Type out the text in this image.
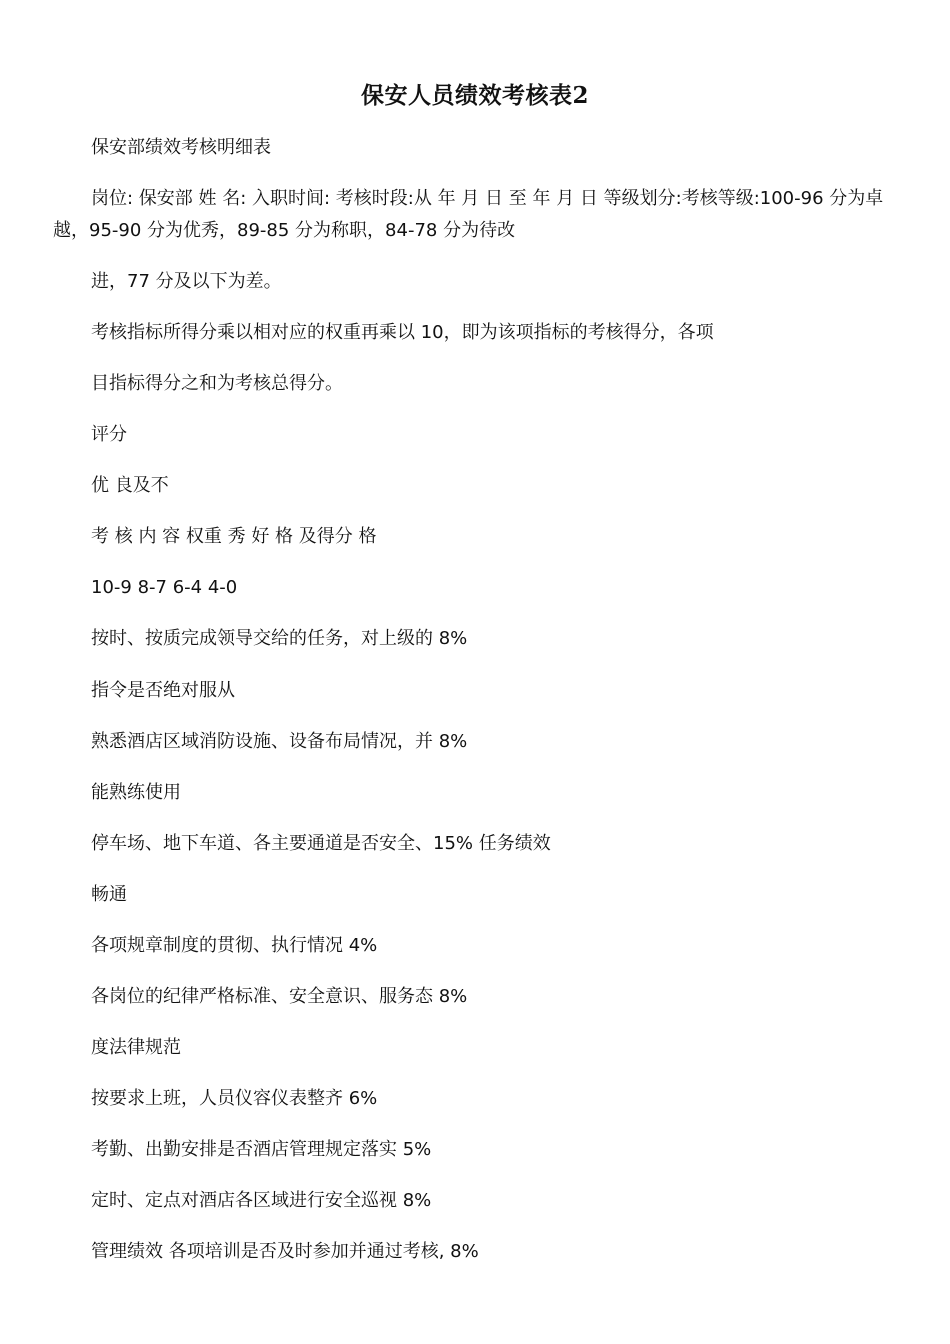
保安人员绩效考核表2
保安部绩效考核明细表
岗位: 保安部 姓 名: 入职时间: 考核时段:从 年 月 日 至 年 月 日 等级划分:考核等级:100-96 分为卓越，95-90 分为优秀，89-85 分为称职，84-78 分为待改
进，77 分及以下为差。
考核指标所得分乘以相对应的权重再乘以 10，即为该项指标的考核得分，各项
目指标得分之和为考核总得分。
评分
优 良及不
考 核 内 容 权重 秀 好 格 及得分 格
10-9 8-7 6-4 4-0
按时、按质完成领导交给的任务，对上级的 8%
指令是否绝对服从
熟悉酒店区域消防设施、设备布局情况，并 8%
能熟练使用
停车场、地下车道、各主要通道是否安全、15% 任务绩效
畅通
各项规章制度的贯彻、执行情况 4%
各岗位的纪律严格标准、安全意识、服务态 8%
度法律规范
按要求上班，人员仪容仪表整齐 6%
考勤、出勤安排是否酒店管理规定落实 5%
定时、定点对酒店各区域进行安全巡视 8%
管理绩效 各项培训是否及时参加并通过考核, 8%
